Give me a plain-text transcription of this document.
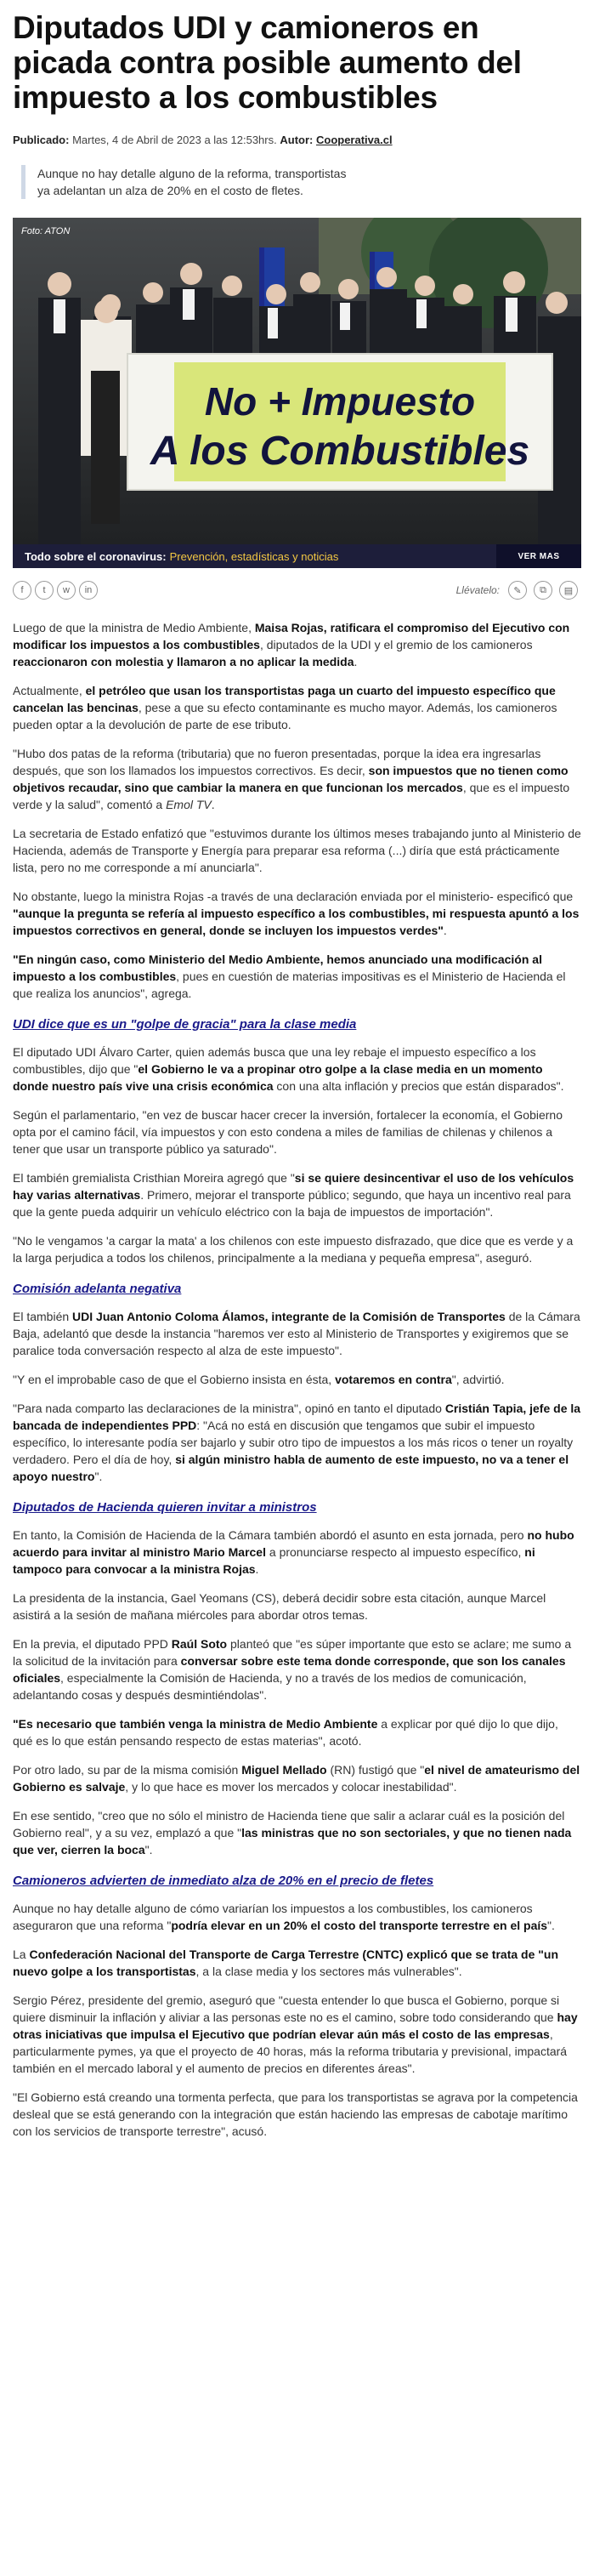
Diputados UDI y camioneros en picada contra posible aumento del impuesto a los combustibles
Publicado: Martes, 4 de Abril de 2023 a las 12:53hrs. Autor: Cooperativa.cl

Aunque no hay detalle alguno de la reforma, transportistas ya adelantan un alza de 20% en el costo de fletes.

No + Impuesto
A los Combustibles
Foto: ATON
Todo sobre el coronavirus: Prevención, estadísticas y noticias	VER MAS
f	t	w	in	Llévatelo:	✎	⧉	▤

Luego de que la ministra de Medio Ambiente, Maisa Rojas, ratificara el compromiso del Ejecutivo con modificar los impuestos a los combustibles, diputados de la UDI y el gremio de los camioneros reaccionaron con molestia y llamaron a no aplicar la medida.

Actualmente, el petróleo que usan los transportistas paga un cuarto del impuesto específico que cancelan las bencinas, pese a que su efecto contaminante es mucho mayor. Además, los camioneros pueden optar a la devolución de parte de ese tributo.

"Hubo dos patas de la reforma (tributaria) que no fueron presentadas, porque la idea era ingresarlas después, que son los llamados los impuestos correctivos. Es decir, son impuestos que no tienen como objetivos recaudar, sino que cambiar la manera en que funcionan los mercados, que es el impuesto verde y la salud", comentó a Emol TV.

La secretaria de Estado enfatizó que "estuvimos durante los últimos meses trabajando junto al Ministerio de Hacienda, además de Transporte y Energía para preparar esa reforma (...) diría que está prácticamente lista, pero no me corresponde a mí anunciarla".

No obstante, luego la ministra Rojas -a través de una declaración enviada por el ministerio- especificó que "aunque la pregunta se refería al impuesto específico a los combustibles, mi respuesta apuntó a los impuestos correctivos en general, donde se incluyen los impuestos verdes".

"En ningún caso, como Ministerio del Medio Ambiente, hemos anunciado una modificación al impuesto a los combustibles, pues en cuestión de materias impositivas es el Ministerio de Hacienda el que realiza los anuncios", agrega.

UDI dice que es un "golpe de gracia" para la clase media

El diputado UDI Álvaro Carter, quien además busca que una ley rebaje el impuesto específico a los combustibles, dijo que "el Gobierno le va a propinar otro golpe a la clase media en un momento donde nuestro país vive una crisis económica con una alta inflación y precios que están disparados".

Según el parlamentario, "en vez de buscar hacer crecer la inversión, fortalecer la economía, el Gobierno opta por el camino fácil, vía impuestos y con esto condena a miles de familias de chilenas y chilenos a tener que usar un transporte público ya saturado".

El también gremialista Cristhian Moreira agregó que "si se quiere desincentivar el uso de los vehículos hay varias alternativas. Primero, mejorar el transporte público; segundo, que haya un incentivo real para que la gente pueda adquirir un vehículo eléctrico con la baja de impuestos de importación".

"No le vengamos 'a cargar la mata' a los chilenos con este impuesto disfrazado, que dice que es verde y a la larga perjudica a todos los chilenos, principalmente a la mediana y pequeña empresa", aseguró.

Comisión adelanta negativa

El también UDI Juan Antonio Coloma Álamos, integrante de la Comisión de Transportes de la Cámara Baja, adelantó que desde la instancia "haremos ver esto al Ministerio de Transportes y exigiremos que se paralice toda conversación respecto al alza de este impuesto".

"Y en el improbable caso de que el Gobierno insista en ésta, votaremos en contra", advirtió.

"Para nada comparto las declaraciones de la ministra", opinó en tanto el diputado Cristián Tapia, jefe de la bancada de independientes PPD: "Acá no está en discusión que tengamos que subir el impuesto específico, lo interesante podía ser bajarlo y subir otro tipo de impuestos a los más ricos o tener un royalty verdadero. Pero el día de hoy, si algún ministro habla de aumento de este impuesto, no va a tener el apoyo nuestro".

Diputados de Hacienda quieren invitar a ministros

En tanto, la Comisión de Hacienda de la Cámara también abordó el asunto en esta jornada, pero no hubo acuerdo para invitar al ministro Mario Marcel a pronunciarse respecto al impuesto específico, ni tampoco para convocar a la ministra Rojas.

La presidenta de la instancia, Gael Yeomans (CS), deberá decidir sobre esta citación, aunque Marcel asistirá a la sesión de mañana miércoles para abordar otros temas.

En la previa, el diputado PPD Raúl Soto planteó que "es súper importante que esto se aclare; me sumo a la solicitud de la invitación para conversar sobre este tema donde corresponde, que son los canales oficiales, especialmente la Comisión de Hacienda, y no a través de los medios de comunicación, adelantando cosas y después desmintiéndolas".

"Es necesario que también venga la ministra de Medio Ambiente a explicar por qué dijo lo que dijo, qué es lo que están pensando respecto de estas materias", acotó.

Por otro lado, su par de la misma comisión Miguel Mellado (RN) fustigó que "el nivel de amateurismo del Gobierno es salvaje, y lo que hace es mover los mercados y colocar inestabilidad".

En ese sentido, "creo que no sólo el ministro de Hacienda tiene que salir a aclarar cuál es la posición del Gobierno real", y a su vez, emplazó a que "las ministras que no son sectoriales, y que no tienen nada que ver, cierren la boca".

Camioneros advierten de inmediato alza de 20% en el precio de fletes

Aunque no hay detalle alguno de cómo variarían los impuestos a los combustibles, los camioneros aseguraron que una reforma "podría elevar en un 20% el costo del transporte terrestre en el país".

La Confederación Nacional del Transporte de Carga Terrestre (CNTC) explicó que se trata de "un nuevo golpe a los transportistas, a la clase media y los sectores más vulnerables".

Sergio Pérez, presidente del gremio, aseguró que "cuesta entender lo que busca el Gobierno, porque si quiere disminuir la inflación y aliviar a las personas este no es el camino, sobre todo considerando que hay otras iniciativas que impulsa el Ejecutivo que podrían elevar aún más el costo de las empresas, particularmente pymes, ya que el proyecto de 40 horas, más la reforma tributaria y previsional, impactará también en el mercado laboral y el aumento de precios en diferentes áreas".

"El Gobierno está creando una tormenta perfecta, que para los transportistas se agrava por la competencia desleal que se está generando con la integración que están haciendo las empresas de cabotaje marítimo con los servicios de transporte terrestre", acusó.
